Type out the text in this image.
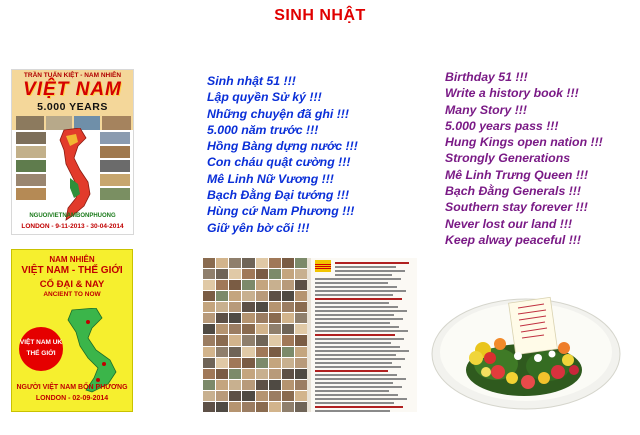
SINH NHẬT
TRẦN TUẤN KIỆT - NAM NHIÊN
VIỆT NAM
5.000 YEARS
NGUOIVIETNAMBONPHUONG
LONDON - 9-11-2013 - 30-04-2014
NAM NHIÊN
VIỆT NAM - THẾ GIỚI
CỔ ĐẠI & NAY
ANCIENT TO NOW
VIỆT NAM UK
THẾ GIỚI
NGƯỜI VIỆT NAM BỐN PHƯƠNG
LONDON - 02-09-2014
Sinh nhật 51 !!!
Lập quyền Sử ký !!!
Những chuyện đã ghi !!!
5.000 năm trước !!!
Hồng Bàng dựng nước !!!
Con cháu quật cường !!!
Mê Linh Nữ Vương !!!
Bạch Đằng Đại tướng !!!
Hùng cứ Nam Phương !!!
Giữ yên bờ cõi !!!
Birthday 51 !!!
Write a history book !!!
Many Story !!!
5.000 years pass !!!
Hung Kings open nation !!!
Strongly Generations
Mê Linh Trưng Queen !!!
Bạch Đằng Generals !!!
Southern stay forever !!!
Never lost our land !!!
Keep alway peaceful !!!
